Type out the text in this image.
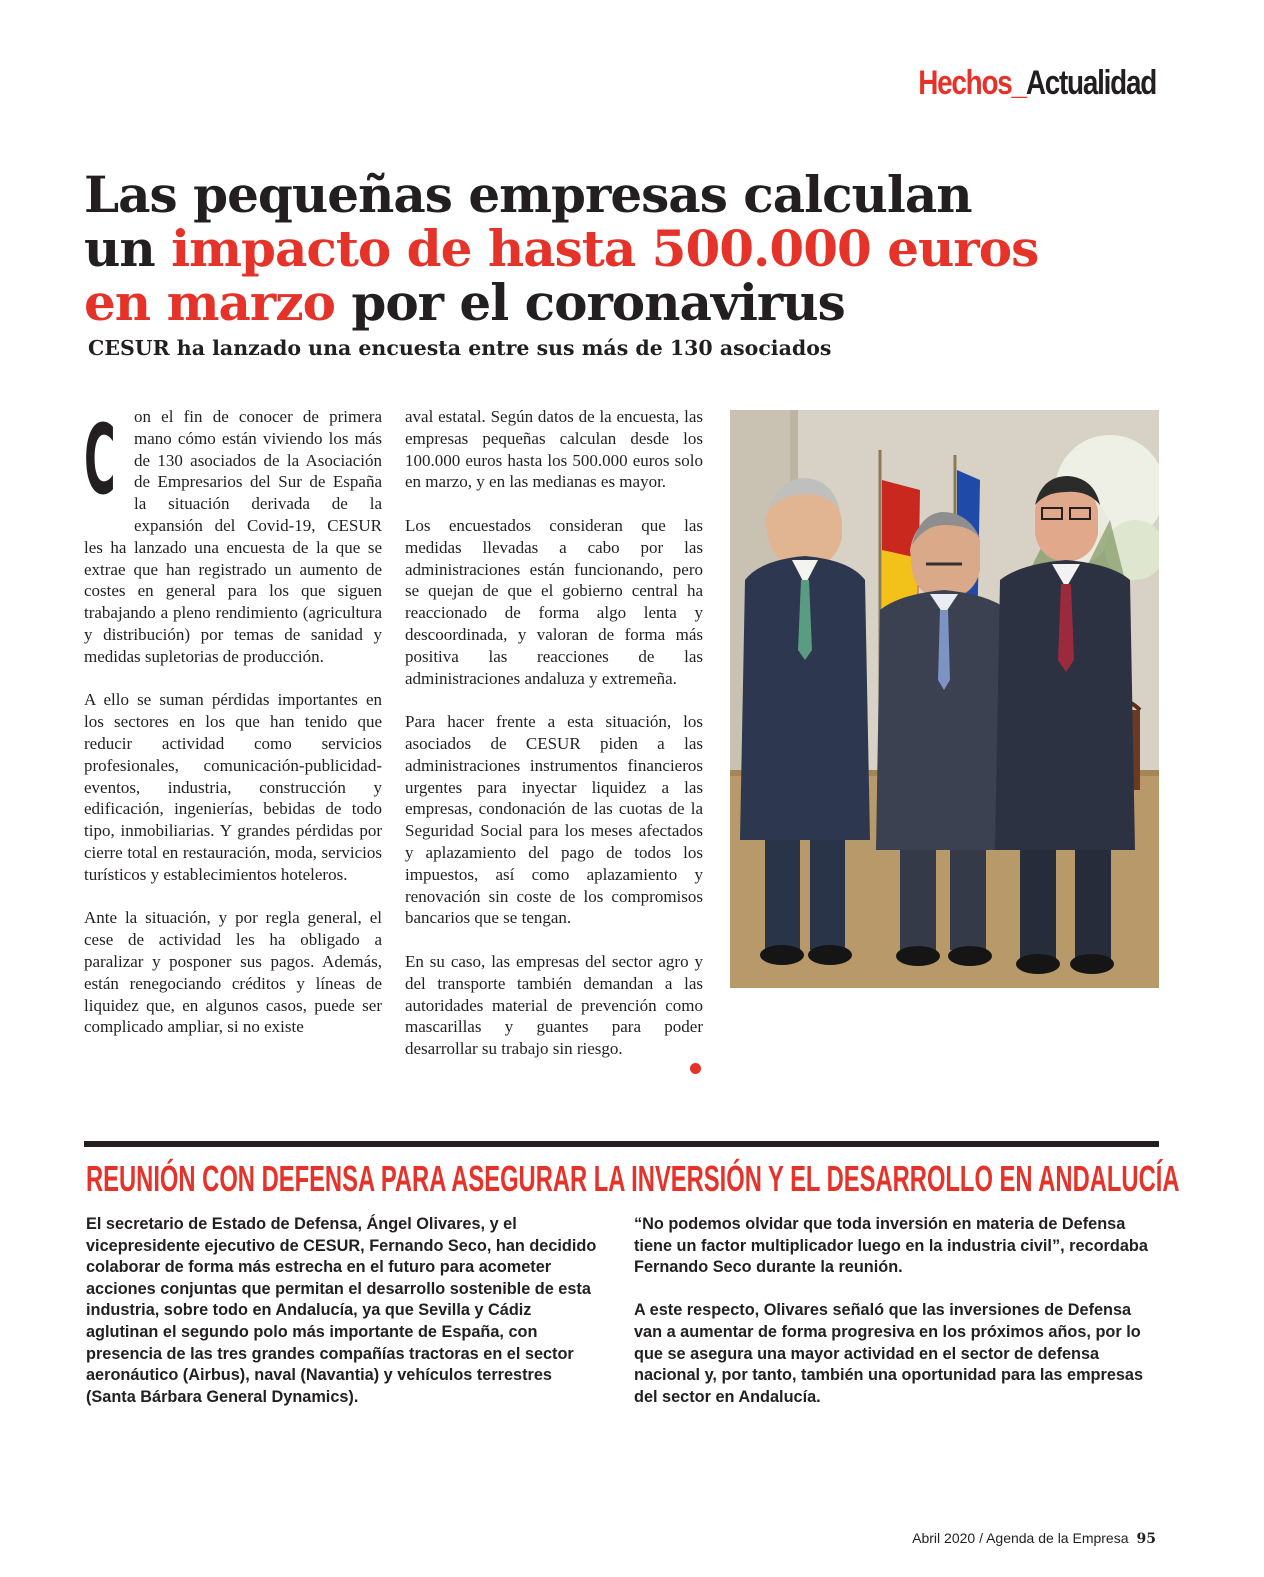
Hechos_Actualidad
Las pequeñas empresas calculan
un impacto de hasta 500.000 euros
en marzo por el coronavirus
CESUR ha lanzado una encuesta entre sus más de 130 asociados

C on el fin de conocer de primera mano cómo están viviendo los más de 130 asociados de la Asociación de Empresarios del Sur de España la situación derivada de la expansión del Covid-19, CESUR les ha lanzado una encuesta de la que se extrae que han registrado un aumento de costes en general para los que siguen trabajando a pleno rendimiento (agricultura y distribución) por temas de sanidad y medidas supletorias de producción.

A ello se suman pérdidas importantes en los sectores en los que han tenido que reducir actividad como servicios profesionales, comunicación-publicidad-eventos, industria, construcción y edificación, ingenierías, bebidas de todo tipo, inmobiliarias. Y grandes pérdidas por cierre total en restauración, moda, servicios turísticos y establecimientos hoteleros.

Ante la situación, y por regla general, el cese de actividad les ha obligado a paralizar y posponer sus pagos. Además, están renegociando créditos y líneas de liquidez que, en algunos casos, puede ser complicado ampliar, si no existe

aval estatal. Según datos de la encuesta, las empresas pequeñas calculan desde los 100.000 euros hasta los 500.000 euros solo en marzo, y en las medianas es mayor.

Los encuestados consideran que las medidas llevadas a cabo por las administraciones están funcionando, pero se quejan de que el gobierno central ha reaccionado de forma algo lenta y descoordinada, y valoran de forma más positiva las reacciones de las administraciones andaluza y extremeña.

Para hacer frente a esta situación, los asociados de CESUR piden a las administraciones instrumentos financieros urgentes para inyectar liquidez a las empresas, condonación de las cuotas de la Seguridad Social para los meses afectados y aplazamiento del pago de todos los impuestos, así como aplazamiento y renovación sin coste de los compromisos bancarios que se tengan.

En su caso, las empresas del sector agro y del transporte también demandan a las autoridades material de prevención como mascarillas y guantes para poder desarrollar su trabajo sin riesgo.

REUNIÓN CON DEFENSA PARA ASEGURAR LA INVERSIÓN Y EL DESARROLLO EN ANDALUCÍA

El secretario de Estado de Defensa, Ángel Olivares, y el vicepresidente ejecutivo de CESUR, Fernando Seco, han decidido colaborar de forma más estrecha en el futuro para acometer acciones conjuntas que permitan el desarrollo sostenible de esta industria, sobre todo en Andalucía, ya que Sevilla y Cádiz aglutinan el segundo polo más importante de España, con presencia de las tres grandes compañías tractoras en el sector aeronáutico (Airbus), naval (Navantia) y vehículos terrestres (Santa Bárbara General Dynamics).

“No podemos olvidar que toda inversión en materia de Defensa tiene un factor multiplicador luego en la industria civil”, recordaba Fernando Seco durante la reunión.

A este respecto, Olivares señaló que las inversiones de Defensa van a aumentar de forma progresiva en los próximos años, por lo que se asegura una mayor actividad en el sector de defensa nacional y, por tanto, también una oportunidad para las empresas del sector en Andalucía.

Abril 2020 / Agenda de la Empresa 95
